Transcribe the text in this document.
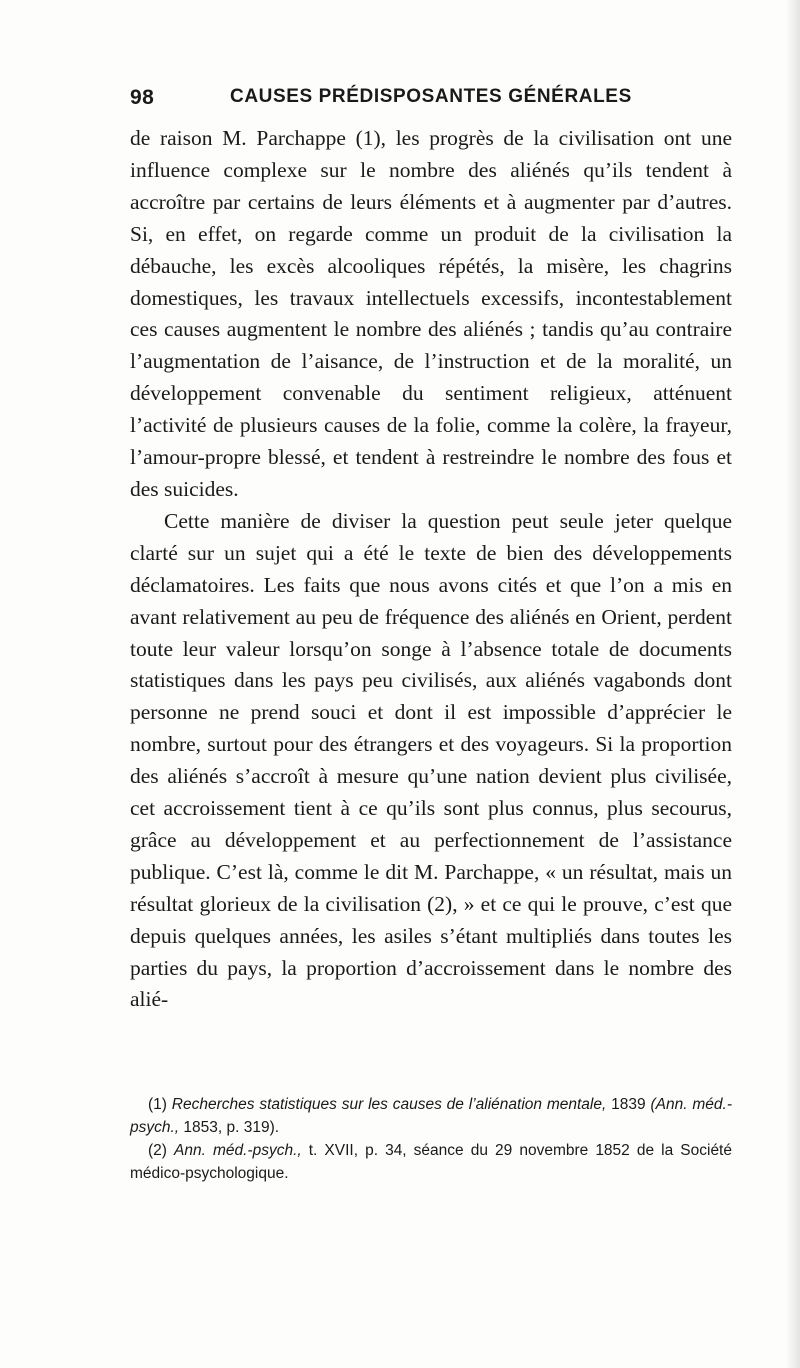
98	CAUSES PRÉDISPOSANTES GÉNÉRALES

de raison M. Parchappe (1), les progrès de la civilisation ont une influence complexe sur le nombre des aliénés qu’ils tendent à accroître par certains de leurs éléments et à augmenter par d’autres. Si, en effet, on regarde comme un produit de la civilisation la débauche, les excès alcooliques répétés, la misère, les chagrins domestiques, les travaux intellectuels excessifs, incontestablement ces causes augmentent le nombre des aliénés ; tandis qu’au contraire l’augmentation de l’aisance, de l’instruction et de la moralité, un développement convenable du sentiment religieux, atténuent l’activité de plusieurs causes de la folie, comme la colère, la frayeur, l’amour-propre blessé, et tendent à restreindre le nombre des fous et des suicides.

Cette manière de diviser la question peut seule jeter quelque clarté sur un sujet qui a été le texte de bien des développements déclamatoires. Les faits que nous avons cités et que l’on a mis en avant relativement au peu de fréquence des aliénés en Orient, perdent toute leur valeur lorsqu’on songe à l’absence totale de documents statistiques dans les pays peu civilisés, aux aliénés vagabonds dont personne ne prend souci et dont il est impossible d’apprécier le nombre, surtout pour des étrangers et des voyageurs. Si la proportion des aliénés s’accroît à mesure qu’une nation devient plus civilisée, cet accroissement tient à ce qu’ils sont plus connus, plus secourus, grâce au développement et au perfectionnement de l’assistance publique. C’est là, comme le dit M. Parchappe, « un résultat, mais un résultat glorieux de la civilisation (2), » et ce qui le prouve, c’est que depuis quelques années, les asiles s’étant multipliés dans toutes les parties du pays, la proportion d’accroissement dans le nombre des alié-

(1) Recherches statistiques sur les causes de l’aliénation mentale, 1839 (Ann. méd.-psych., 1853, p. 319).

(2) Ann. méd.-psych., t. XVII, p. 34, séance du 29 novembre 1852 de la Société médico-psychologique.
